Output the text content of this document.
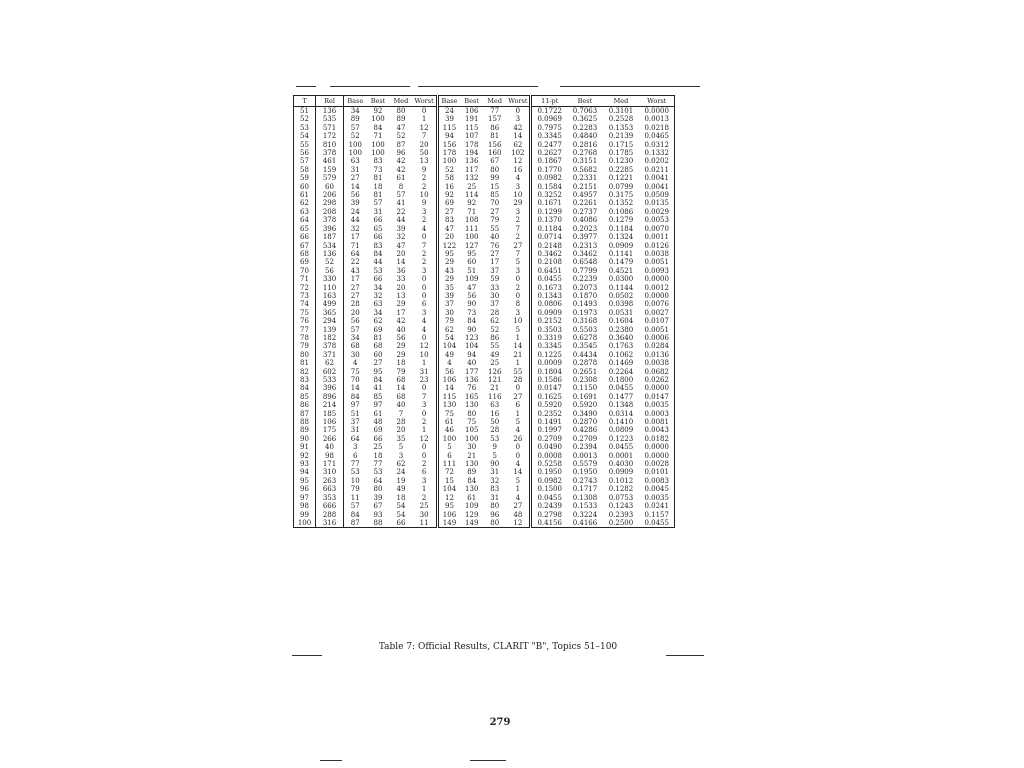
T	Rel	Base	Best	Med	Worst	Base	Best	Med	Worst	11-pt	Best	Med	Worst
51	136	34	92	80	0	24	106	77	0	0.1722	0.7063	0.3101	0.0000
52	535	89	100	89	1	39	191	157	3	0.0969	0.3625	0.2528	0.0013
53	571	57	84	47	12	115	115	86	42	0.7975	0.2283	0.1353	0.0218
54	172	52	71	52	7	94	107	81	14	0.3345	0.4840	0.2139	0.0465
55	810	100	100	87	20	156	178	156	62	0.2477	0.2816	0.1715	0.0312
56	378	100	100	96	50	178	194	160	102	0.2627	0.2768	0.1785	0.1332
57	461	63	83	42	13	100	136	67	12	0.1867	0.3151	0.1230	0.0202
58	159	31	73	42	9	52	117	80	16	0.1770	0.5682	0.2285	0.0211
59	579	27	81	61	2	58	132	99	4	0.0982	0.2331	0.1221	0.0041
60	60	14	18	8	2	16	25	15	3	0.1584	0.2151	0.0799	0.0041
61	206	56	81	57	10	92	114	85	10	0.3252	0.4957	0.3175	0.0509
62	298	39	57	41	9	69	92	70	29	0.1671	0.2261	0.1352	0.0135
63	208	24	31	22	3	27	71	27	3	0.1299	0.2737	0.1086	0.0029
64	378	44	66	44	2	83	108	79	2	0.1370	0.4086	0.1279	0.0053
65	396	32	65	39	4	47	111	55	7	0.1184	0.2023	0.1184	0.0070
66	187	17	66	32	0	20	100	40	2	0.0714	0.3977	0.1324	0.0011
67	534	71	83	47	7	122	127	76	27	0.2148	0.2313	0.0909	0.0126
68	136	64	84	20	2	95	95	27	7	0.3462	0.3462	0.1141	0.0038
69	52	22	44	14	2	29	60	17	5	0.2108	0.6548	0.1479	0.0051
70	56	43	53	36	3	43	51	37	3	0.6451	0.7799	0.4521	0.0093
71	330	17	66	33	0	29	109	59	0	0.0455	0.2239	0.0300	0.0000
72	110	27	34	20	0	35	47	33	2	0.1673	0.2073	0.1144	0.0012
73	163	27	32	13	0	39	56	30	0	0.1343	0.1870	0.0502	0.0000
74	499	28	63	29	6	37	90	37	8	0.0806	0.1493	0.0398	0.0076
75	365	20	34	17	3	30	73	28	3	0.0909	0.1973	0.0531	0.0027
76	294	56	62	42	4	79	84	62	10	0.2152	0.3168	0.1604	0.0107
77	139	57	69	40	4	62	90	52	5	0.3503	0.5503	0.2380	0.0051
78	182	34	81	56	0	54	123	86	1	0.3319	0.6278	0.3640	0.0006
79	378	68	68	29	12	104	104	55	14	0.3345	0.3545	0.1763	0.0284
80	371	30	60	29	10	49	94	49	21	0.1225	0.4434	0.1062	0.0136
81	62	4	27	18	1	4	40	25	1	0.0009	0.2878	0.1469	0.0038
82	602	75	95	79	31	56	177	126	55	0.1804	0.2651	0.2264	0.0682
83	533	70	84	68	23	106	136	121	28	0.1586	0.2308	0.1800	0.0262
84	396	14	41	14	0	14	76	21	0	0.0147	0.1150	0.0455	0.0000
85	896	84	85	68	7	115	165	116	27	0.1625	0.1691	0.1477	0.0147
86	214	97	97	40	3	130	130	63	6	0.5920	0.5920	0.1348	0.0035
87	185	51	61	7	0	75	80	16	1	0.2352	0.3490	0.0314	0.0003
88	106	37	48	28	2	61	75	50	5	0.1491	0.2870	0.1410	0.0081
89	175	31	69	20	1	46	105	28	4	0.1997	0.4286	0.0809	0.0043
90	266	64	66	35	12	100	100	53	26	0.2709	0.2709	0.1223	0.0182
91	40	3	25	5	0	5	30	9	0	0.0490	0.2394	0.0455	0.0000
92	98	6	18	3	0	6	21	5	0	0.0008	0.0013	0.0001	0.0000
93	171	77	77	62	2	111	130	90	4	0.5258	0.5579	0.4030	0.0028
94	310	53	53	24	6	72	89	31	14	0.1950	0.1950	0.0909	0.0101
95	263	10	64	19	3	15	84	32	5	0.0982	0.2743	0.1012	0.0083
96	663	79	80	49	1	104	130	83	1	0.1500	0.1717	0.1282	0.0045
97	353	11	39	18	2	12	61	31	4	0.0455	0.1308	0.0753	0.0035
98	666	57	67	54	25	95	109	80	27	0.2439	0.1533	0.1243	0.0241
99	288	84	93	54	30	106	129	96	48	0.2798	0.3224	0.2393	0.1157
100	316	87	88	66	11	149	149	80	12	0.4156	0.4166	0.2500	0.0455
Table 7: Official Results, CLARIT "B", Topics 51–100
279
